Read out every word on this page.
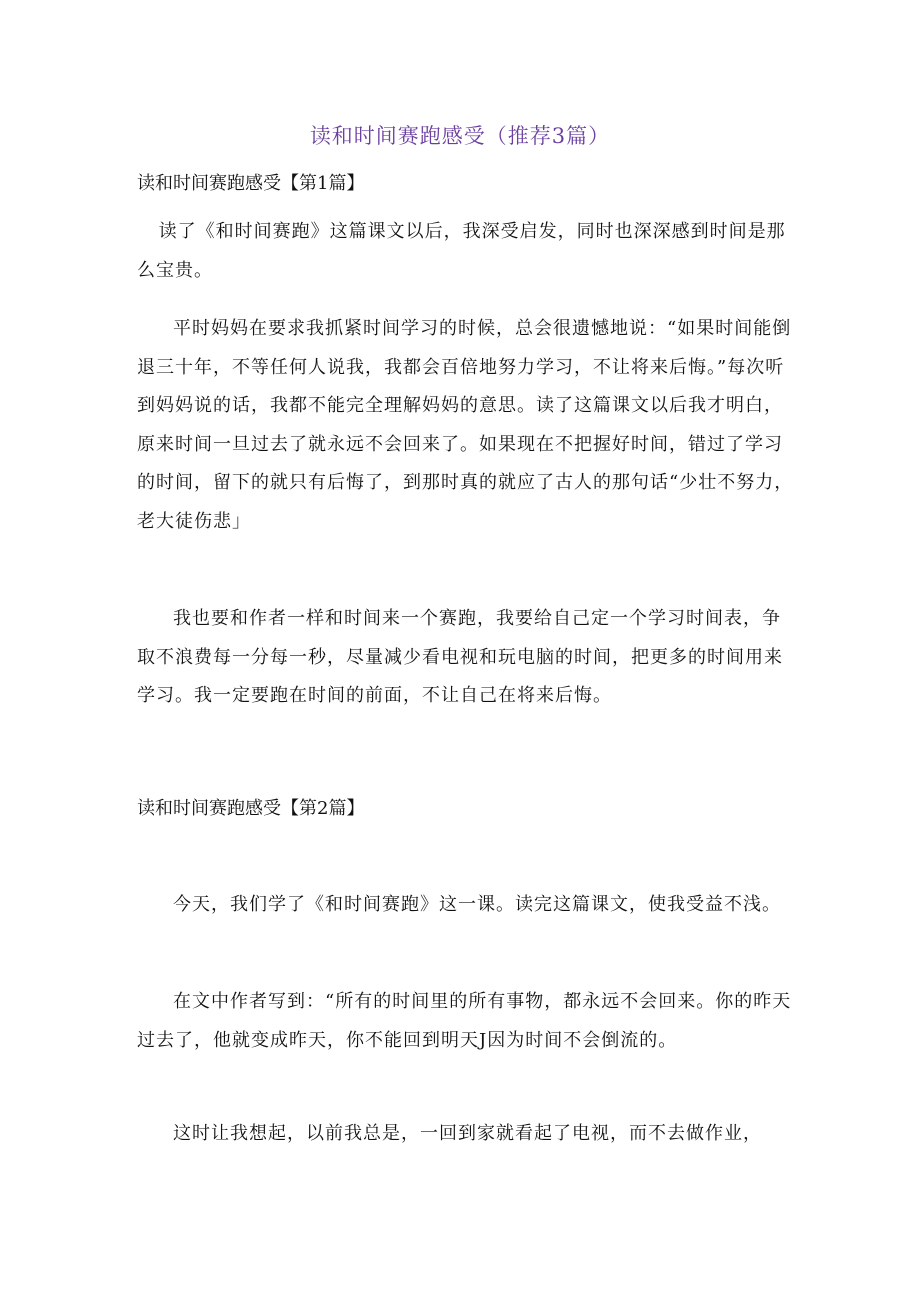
读和时间赛跑感受（推荐3篇）
读和时间赛跑感受【第1篇】

读了《和时间赛跑》这篇课文以后，我深受启发，同时也深深感到时间是那么宝贵。

平时妈妈在要求我抓紧时间学习的时候，总会很遗憾地说：“如果时间能倒退三十年，不等任何人说我，我都会百倍地努力学习，不让将来后悔。”每次听到妈妈说的话，我都不能完全理解妈妈的意思。读了这篇课文以后我才明白，原来时间一旦过去了就永远不会回来了。如果现在不把握好时间，错过了学习的时间，留下的就只有后悔了，到那时真的就应了古人的那句话“少壮不努力，老大徒伤悲」

我也要和作者一样和时间来一个赛跑，我要给自己定一个学习时间表，争取不浪费每一分每一秒，尽量减少看电视和玩电脑的时间，把更多的时间用来学习。我一定要跑在时间的前面，不让自己在将来后悔。

读和时间赛跑感受【第2篇】

今天，我们学了《和时间赛跑》这一课。读完这篇课文，使我受益不浅。

在文中作者写到：“所有的时间里的所有事物，都永远不会回来。你的昨天过去了，他就变成昨天，你不能回到明天J因为时间不会倒流的。

这时让我想起，以前我总是，一回到家就看起了电视，而不去做作业，
